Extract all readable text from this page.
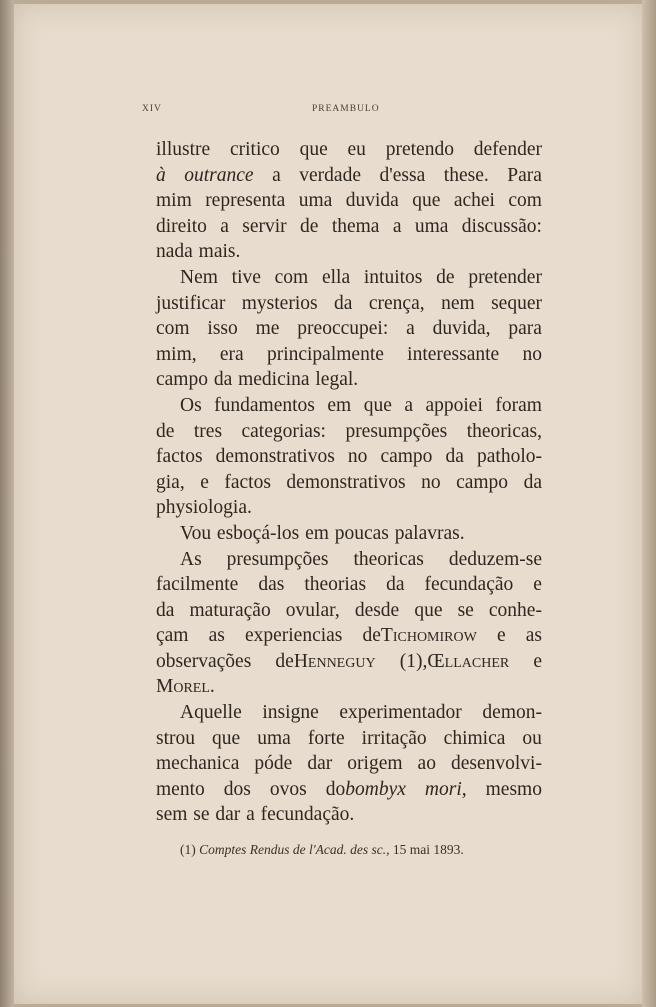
XIV	PREAMBULO
illustre critico que eu pretendo defender
à outrance a verdade d'essa these. Para
mim representa uma duvida que achei com
direito a servir de thema a uma discussão:
nada mais.
Nem tive com ella intuitos de pretender
justificar mysterios da crença, nem sequer
com isso me preoccupei: a duvida, para
mim, era principalmente interessante no
campo da medicina legal.
Os fundamentos em que a appoiei foram
de tres categorias: presumpções theoricas,
factos demonstrativos no campo da patholo-
gia, e factos demonstrativos no campo da
physiologia.
Vou esboçá-los em poucas palavras.
As presumpções theoricas deduzem-se
facilmente das theorias da fecundação e
da maturação ovular, desde que se conhe-
çam as experiencias deTichomirow e as
observações deHenneguy (1),Œllacher e
Morel.
Aquelle insigne experimentador demon-
strou que uma forte irritação chimica ou
mechanica póde dar origem ao desenvolvi-
mento dos ovos dobombyx mori, mesmo
sem se dar a fecundação.
(1) Comptes Rendus de l'Acad. des sc., 15 mai 1893.
